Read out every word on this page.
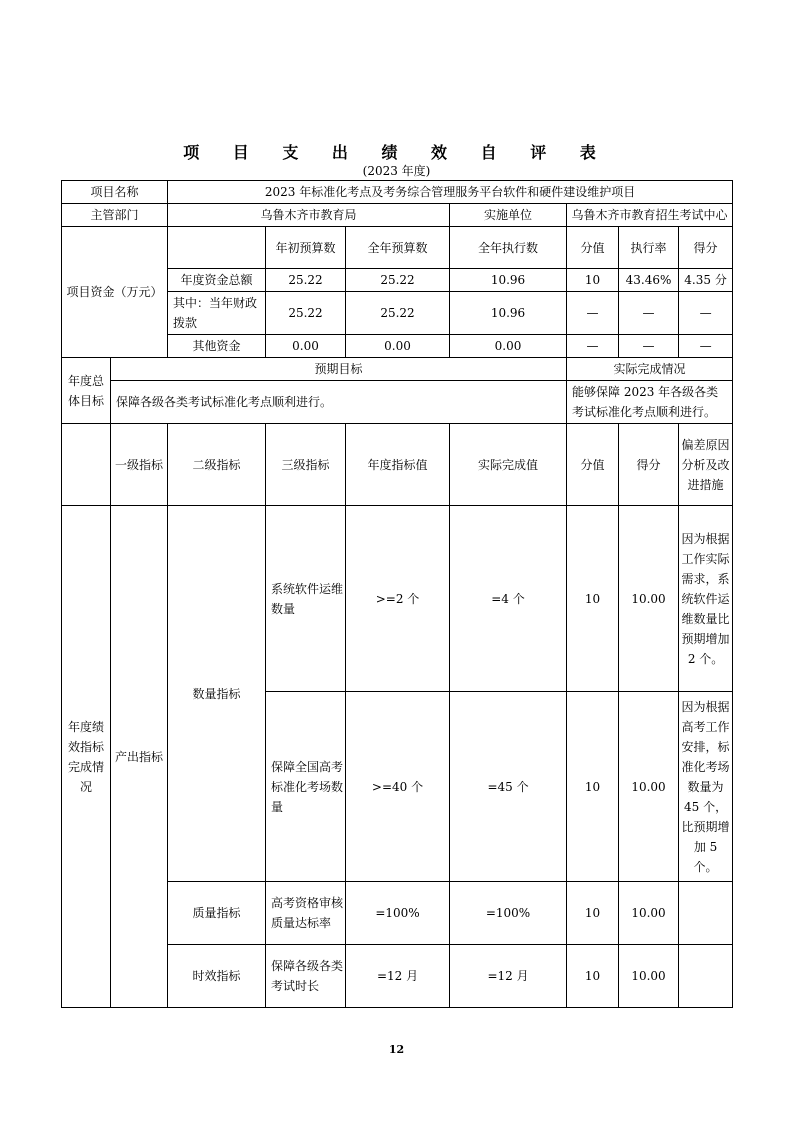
项 目 支 出 绩 效 自 评 表
(2023 年度)
项目名称		2023 年标准化考点及考务综合管理服务平台软件和硬件建设维护项目						
主管部门		乌鲁木齐市教育局			实施单位	乌鲁木齐市教育招生考试中心		
项目资金（万元）			年初预算数	全年预算数	全年执行数	分值	执行率	得分
		年度资金总额	25.22	25.22	10.96	10	43.46%	4.35 分
		其中：当年财政拨款	25.22	25.22	10.96	—	—	—
		其他资金	0.00	0.00	0.00	—	—	—
年度总体目标	预期目标					实际完成情况		
	保障各级各类考试标准化考点顺利进行。					能够保障 2023 年各级各类考试标准化考点顺利进行。		
	一级指标	二级指标	三级指标	年度指标值	实际完成值	分值	得分	偏差原因分析及改进措施
年度绩效指标完成情况	产出指标	数量指标	系统软件运维数量	>=2 个	=4 个	10	10.00	因为根据工作实际需求，系统软件运维数量比预期增加 2 个。
			保障全国高考标准化考场数量	>=40 个	=45 个	10	10.00	因为根据高考工作安排，标准化考场数量为 45 个，比预期增加 5 个。
		质量指标	高考资格审核质量达标率	=100%	=100%	10	10.00	
		时效指标	保障各级各类考试时长	=12 月	=12 月	10	10.00	
12
